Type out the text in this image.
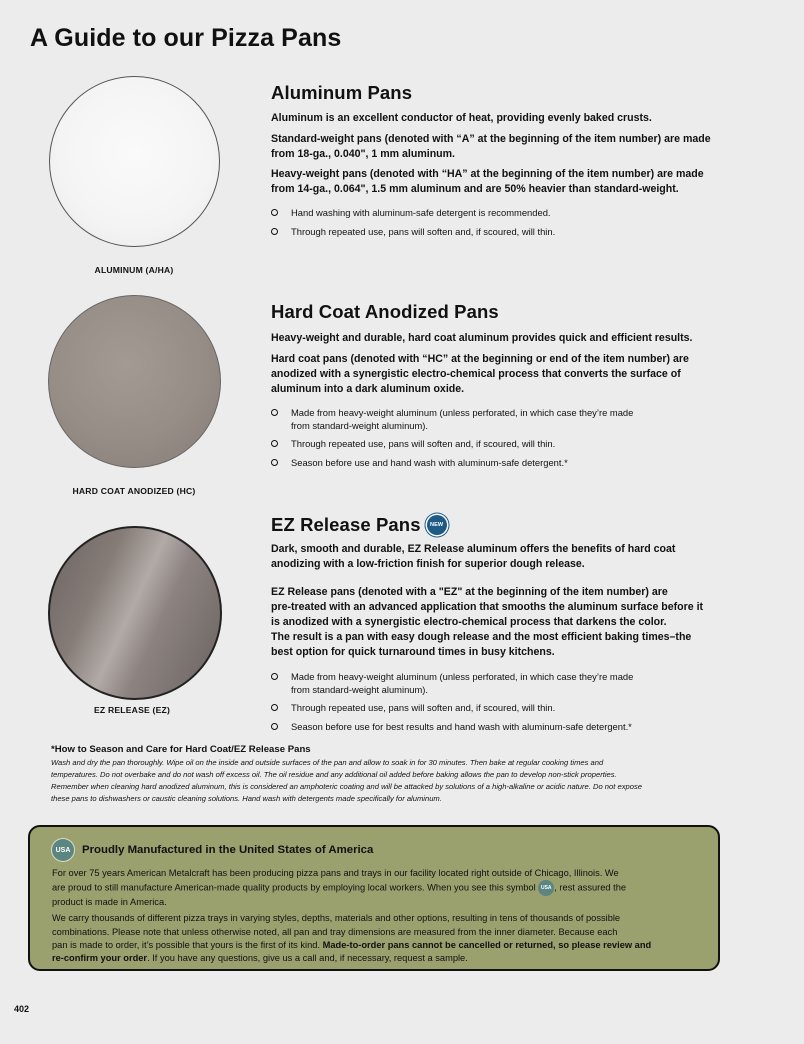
A Guide to our Pizza Pans
ALUMINUM (A/HA)
HARD COAT ANODIZED (HC)
EZ RELEASE (EZ)
Aluminum Pans

Aluminum is an excellent conductor of heat, providing evenly baked crusts.

Standard-weight pans (denoted with “A” at the beginning of the item number) are made
from 18-ga., 0.040", 1 mm aluminum.

Heavy-weight pans (denoted with “HA” at the beginning of the item number) are made
from 14-ga., 0.064", 1.5 mm aluminum and are 50% heavier than standard-weight.

Hand washing with aluminum-safe detergent is recommended.
Through repeated use, pans will soften and, if scoured, will thin.
Hard Coat Anodized Pans

Heavy-weight and durable, hard coat aluminum provides quick and efficient results.

Hard coat pans (denoted with “HC” at the beginning or end of the item number) are
anodized with a synergistic electro-chemical process that converts the surface of
aluminum into a dark aluminum oxide.

Made from heavy-weight aluminum (unless perforated, in which case they’re made
from standard-weight aluminum).
Through repeated use, pans will soften and, if scoured, will thin.
Season before use and hand wash with aluminum-safe detergent.*
EZ Release Pans	NEW

Dark, smooth and durable, EZ Release aluminum offers the benefits of hard coat
anodizing with a low-friction finish for superior dough release.

EZ Release pans (denoted with a "EZ" at the beginning of the item number) are
pre-treated with an advanced application that smooths the aluminum surface before it
is anodized with a synergistic electro-chemical process that darkens the color.
The result is a pan with easy dough release and the most efficient baking times–the
best option for quick turnaround times in busy kitchens.

Made from heavy-weight aluminum (unless perforated, in which case they’re made
from standard-weight aluminum).
Through repeated use, pans will soften and, if scoured, will thin.
Season before use for best results and hand wash with aluminum-safe detergent.*

*How to Season and Care for Hard Coat/EZ Release Pans

Wash and dry the pan thoroughly. Wipe oil on the inside and outside surfaces of the pan and allow to soak in for 30 minutes. Then bake at regular cooking times and
temperatures. Do not overbake and do not wash off excess oil. The oil residue and any additional oil added before baking allows the pan to develop non-stick properties.
Remember when cleaning hard anodized aluminum, this is considered an amphoteric coating and will be attacked by solutions of a high-alkaline or acidic nature. Do not expose
these pans to dishwashers or caustic cleaning solutions. Hand wash with detergents made specifically for aluminum.

USA	Proudly Manufactured in the United States of America

For over 75 years American Metalcraft has been producing pizza pans and trays in our facility located right outside of Chicago, Illinois. We
are proud to still manufacture American-made quality products by employing local workers. When you see this symbol USA , rest assured the
product is made in America.

We carry thousands of different pizza trays in varying styles, depths, materials and other options, resulting in tens of thousands of possible
combinations. Please note that unless otherwise noted, all pan and tray dimensions are measured from the inner diameter. Because each
pan is made to order, it’s possible that yours is the first of its kind. Made-to-order pans cannot be cancelled or returned, so please review and
re-confirm your order. If you have any questions, give us a call and, if necessary, request a sample.

402
